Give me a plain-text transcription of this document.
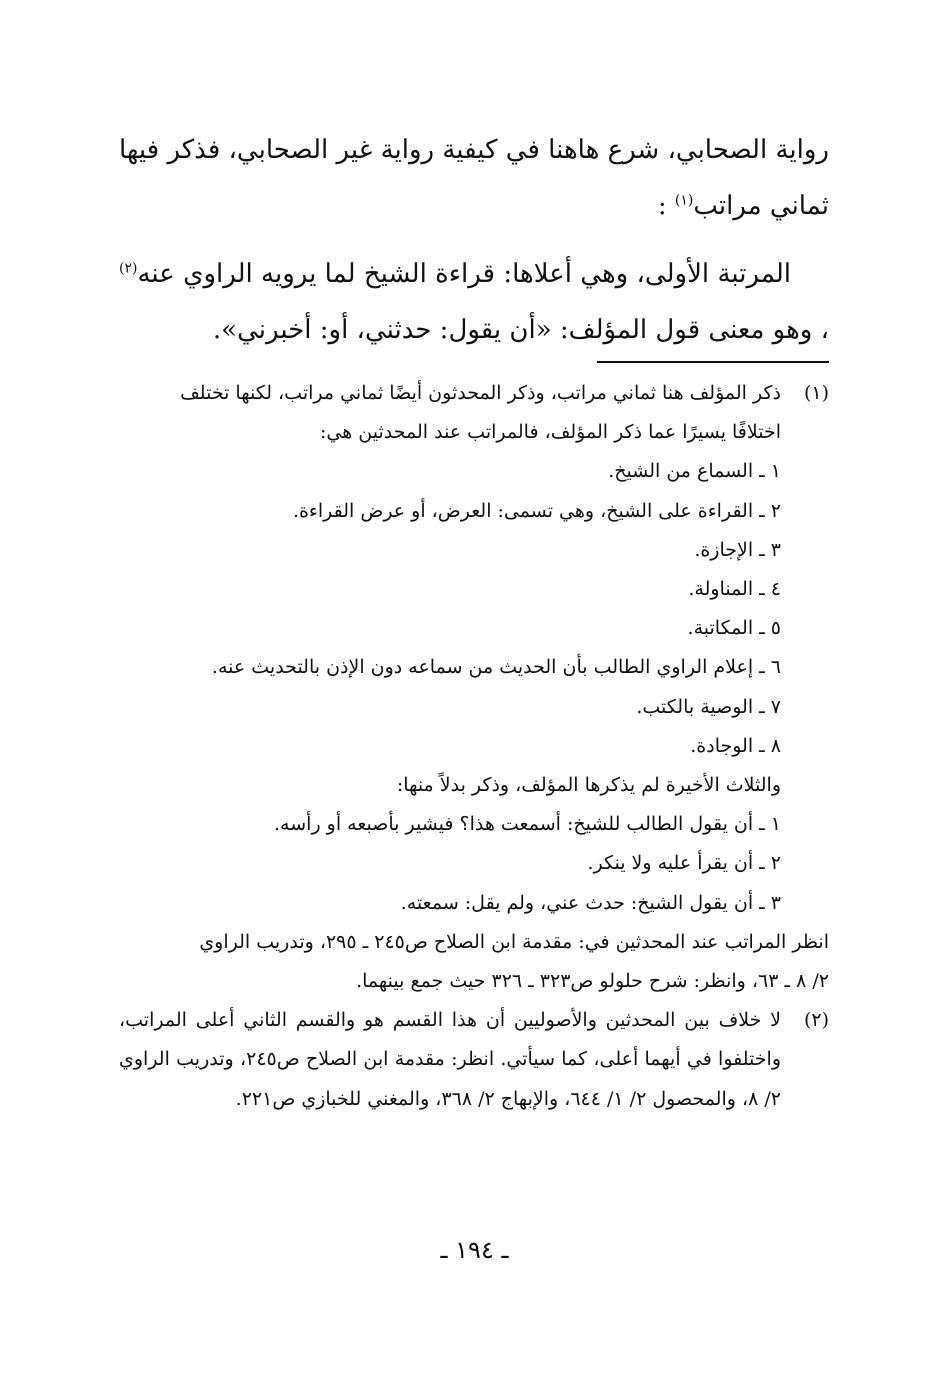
رواية الصحابي، شرع هاهنا في كيفية رواية غير الصحابي، فذكر فيها ثماني مراتب$^{(١)}$ :

المرتبة الأولى، وهي أعلاها: قراءة الشيخ لما يرويه الراوي عنه$^{(٢)}$ ، وهو معنى قول المؤلف: «أن يقول: حدثني، أو: أخبرني».

(١)
ذكر المؤلف هنا ثماني مراتب، وذكر المحدثون أيضًا ثماني مراتب، لكنها تختلف
اختلافًا يسيرًا عما ذكر المؤلف، فالمراتب عند المحدثين هي:
١ ـ السماع من الشيخ.
٢ ـ القراءة على الشيخ، وهي تسمى: العرض، أو عرض القراءة.
٣ ـ الإجازة.
٤ ـ المناولة.
٥ ـ المكاتبة.
٦ ـ إعلام الراوي الطالب بأن الحديث من سماعه دون الإذن بالتحديث عنه.
٧ ـ الوصية بالكتب.
٨ ـ الوجادة.
والثلاث الأخيرة لم يذكرها المؤلف، وذكر بدلاً منها:
١ ـ أن يقول الطالب للشيخ: أسمعت هذا؟ فيشير بأصبعه أو رأسه.
٢ ـ أن يقرأ عليه ولا ينكر.
٣ ـ أن يقول الشيخ: حدث عني، ولم يقل: سمعته.
انظر المراتب عند المحدثين في: مقدمة ابن الصلاح ص٢٤٥ ـ ٢٩٥، وتدريب الراوي
٢/ ٨ ـ ٦٣، وانظر: شرح حلولو ص٣٢٣ ـ ٣٢٦ حيث جمع بينهما.
(٢)
لا خلاف بين المحدثين والأصوليين أن هذا القسم هو والقسم الثاني أعلى المراتب، واختلفوا في أيهما أعلى، كما سيأتي. انظر: مقدمة ابن الصلاح ص٢٤٥، وتدريب الراوي ٢/ ٨، والمحصول ٢/ ١/ ٦٤٤، والإبهاج ٢/ ٣٦٨، والمغني للخبازي ص٢٢١.
ـ ١٩٤ ـ
